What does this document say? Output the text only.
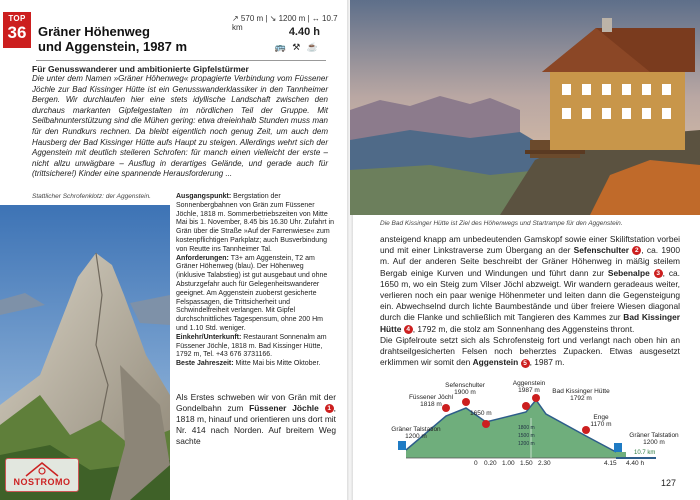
TOP
36
↗ 570 m | ↘ 1200 m | ↔ 10.7 km
Gräner Höhenweg
und Aggenstein, 1987 m
4.40 h
🚌 ⚒ ☕
Für Genusswanderer und ambitionierte Gipfelstürmer

Die unter dem Namen »Gräner Höhenweg« propagierte Verbindung vom Füssener Jöchle zur Bad Kissinger Hütte ist ein Genusswanderklassiker in den Tannheimer Bergen. Wir durchlaufen hier eine stets idyllische Landschaft zwischen den durchaus markanten Gipfelgestalten im nördlichen Teil der Gruppe. Mit Seilbahnunterstützung sind die Mühen gering: etwa dreieinhalb Stunden muss man für den Rundkurs rechnen. Da bleibt eigentlich noch genug Zeit, um auch dem Hausberg der Bad Kissinger Hütte aufs Haupt zu steigen. Allerdings wehrt sich der Aggenstein mit deutlich steileren Schrofen: für manch einen vielleicht der erste – nicht allzu unwägbare – Ausflug in derartiges Gelände, und gerade auch für (trittsichere!) Kinder eine spannende Herausforderung ...

Stattlicher Schrofenklotz: der Aggenstein.
NOSTROMO

Ausgangspunkt: Bergstation der Sonnenbergbahnen von Grän zum Füssener Jöchle, 1818 m. Sommerbetriebszeiten von Mitte Mai bis 1. November, 8.45 bis 16.30 Uhr. Zufahrt in Grän über die Straße »Auf der Farrenwiese« zum kostenpflichtigen Parkplatz; auch Busverbindung von Reutte ins Tannheimer Tal.

Anforderungen: T3+ am Aggenstein, T2 am Gräner Höhenweg (blau). Der Höhenweg (inklusive Talabstieg) ist gut ausgebaut und ohne Absturzgefahr auch für Gelegenheitswanderer geeignet. Am Aggenstein zuoberst gesicherte Felspassagen, die Trittsicherheit und Schwindelfreiheit verlangen. Mit Gipfel durchschnittliches Tagespensum, ohne 200 Hm und 1.10 Std. weniger.

Einkehr/Unterkunft: Restaurant Sonnenalm am Füssener Jöchle, 1818 m. Bad Kissinger Hütte, 1792 m, Tel. +43 676 3731166.

Beste Jahreszeit: Mitte Mai bis Mitte Oktober.

Als Erstes schweben wir von Grän mit der Gondelbahn zum Füssener Jöchle 1 , 1818 m, hinauf und orientieren uns dort mit Nr. 414 nach Norden. Auf breitem Weg sachte

Die Bad Kissinger Hütte ist Ziel des Höhenwegs und Startrampe für den Aggenstein.

ansteigend knapp am unbedeutenden Gamskopf sowie einer Skiliftstation vorbei und mit einer Linkstraverse zum Übergang an der Sefenschulter 2 , ca. 1900 m. Auf der anderen Seite beschreibt der Gräner Höhenweg in mäßig steilem Bergab einige Kurven und Windungen und führt dann zur Sebenalpe 3 , ca. 1650 m, wo ein Steig zum Vilser Jöchl abzweigt. Wir wandern geradeaus weiter, verlieren noch ein paar wenige Höhenmeter und leiten dann die Gegensteigung ein. Abwechselnd durch lichte Baumbestände und über freiere Wiesen diagonal durch die Flanke und schließlich mit Tangieren des Kammes zur Bad Kissinger Hütte 4 , 1792 m, die stolz am Sonnenhang des Aggensteins thront.

Die Gipfelroute setzt sich als Schrofensteig fort und verlangt nach oben hin an drahtseilgesicherten Felsen noch beherztes Zupacken. Etwas ausgesetzt erklimmen wir somit den Aggenstein 5 , 1987 m.

Gräner Talstation
1200 m
Füssener Jöchl
1818 m
Sefenschulter
1900 m
1650 m
Aggenstein
1987 m	Bad Kissinger Hütte
1792 m
Enge
1170 m
Gräner Talstation
1200 m
1800 m
1500 m
1200 m
10.7 km
0 0.20 1.00 1.50 2.30	4.15 4.40 h
127
